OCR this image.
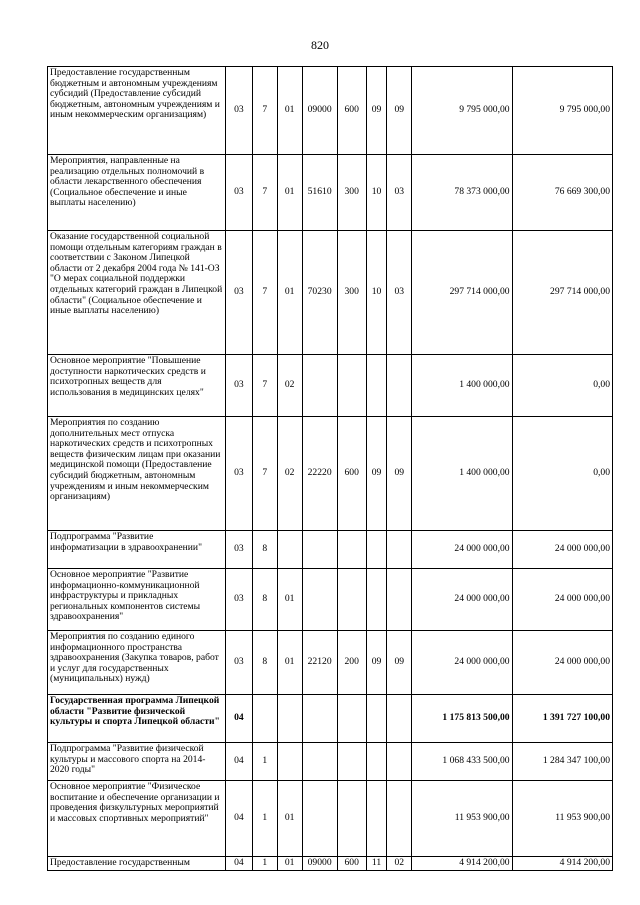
820
Предоставление государственным бюджетным и автономным учреждениям субсидий (Предоставление субсидий бюджетным, автономным учреждениям и иным некоммерческим организациям)	03	7	01	09000	600	09	09	9 795 000,00	9 795 000,00
Мероприятия, направленные на реализацию отдельных полномочий в области лекарственного обеспечения (Социальное обеспечение и иные выплаты населению)	03	7	01	51610	300	10	03	78 373 000,00	76 669 300,00
Оказание государственной социальной помощи отдельным категориям граждан в соответствии с Законом Липецкой области от 2 декабря 2004 года № 141-ОЗ "О мерах социальной поддержки отдельных категорий граждан в Липецкой области" (Социальное обеспечение и иные выплаты населению)	03	7	01	70230	300	10	03	297 714 000,00	297 714 000,00
Основное мероприятие "Повышение доступности наркотических средств и психотропных веществ для использования в медицинских целях"	03	7	02					1 400 000,00	0,00
Мероприятия по созданию дополнительных мест отпуска наркотических средств и психотропных веществ физическим лицам при оказании медицинской помощи (Предоставление субсидий бюджетным, автономным учреждениям и иным некоммерческим организациям)	03	7	02	22220	600	09	09	1 400 000,00	0,00
Подпрограмма "Развитие информатизации в здравоохранении"	03	8						24 000 000,00	24 000 000,00
Основное мероприятие "Развитие информационно-коммуникационной инфраструктуры и прикладных региональных компонентов системы здравоохранения"	03	8	01					24 000 000,00	24 000 000,00
Мероприятия по созданию единого информационного пространства здравоохранения (Закупка товаров, работ и услуг для государственных (муниципальных) нужд)	03	8	01	22120	200	09	09	24 000 000,00	24 000 000,00
Государственная программа Липецкой области "Развитие физической культуры и спорта Липецкой области"	04							1 175 813 500,00	1 391 727 100,00
Подпрограмма "Развитие физической культуры и массового спорта на 2014-2020 годы"	04	1						1 068 433 500,00	1 284 347 100,00
Основное мероприятие "Физическое воспитание и обеспечение организации и проведения физкультурных мероприятий и массовых спортивных мероприятий"	04	1	01					11 953 900,00	11 953 900,00
Предоставление государственным	04	1	01	09000	600	11	02	4 914 200,00	4 914 200,00
